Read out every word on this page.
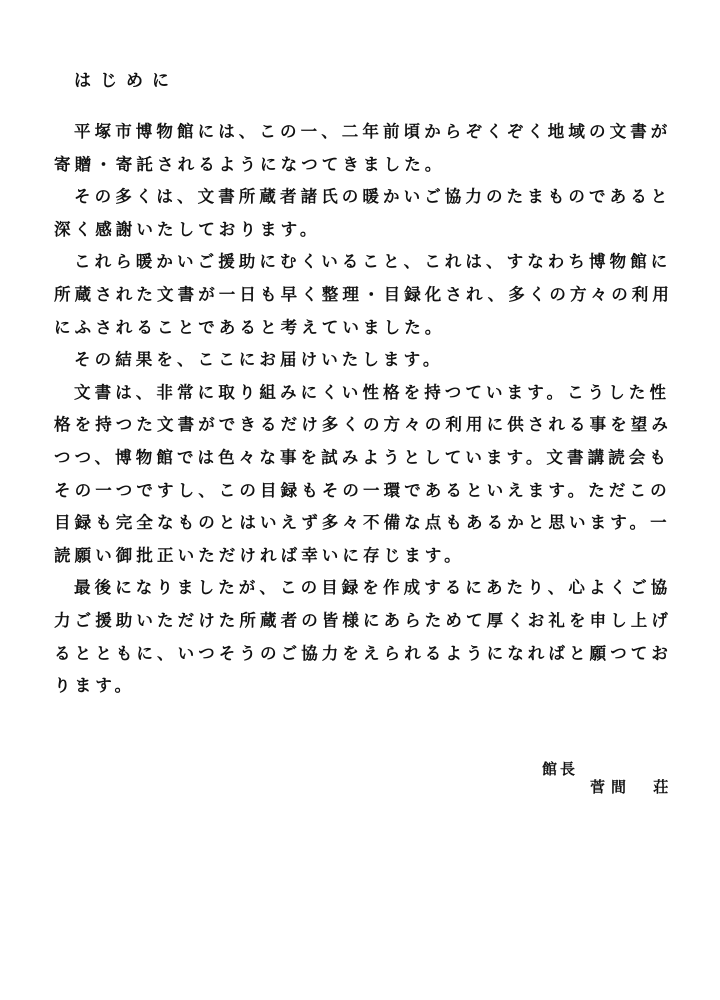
はじめに
平塚市博物館には、この一、二年前頃からぞくぞく地域の文書が
寄贈・寄託されるようになつてきました。
その多くは、文書所蔵者諸氏の暖かいご協力のたまものであると
深く感謝いたしております。
これら暖かいご援助にむくいること、これは、すなわち博物館に
所蔵された文書が一日も早く整理・目録化され、多くの方々の利用
にふされることであると考えていました。
その結果を、ここにお届けいたします。
文書は、非常に取り組みにくい性格を持つています。こうした性
格を持つた文書ができるだけ多くの方々の利用に供される事を望み
つつ、博物館では色々な事を試みようとしています。文書講読会も
その一つですし、この目録もその一環であるといえます。ただこの
目録も完全なものとはいえず多々不備な点もあるかと思います。一
読願い御批正いただければ幸いに存じます。
最後になりましたが、この目録を作成するにあたり、心よくご協
力ご援助いただけた所蔵者の皆様にあらためて厚くお礼を申し上げ
るとともに、いつそうのご協力をえられるようになればと願つてお
ります。
館長
菅間 荘
